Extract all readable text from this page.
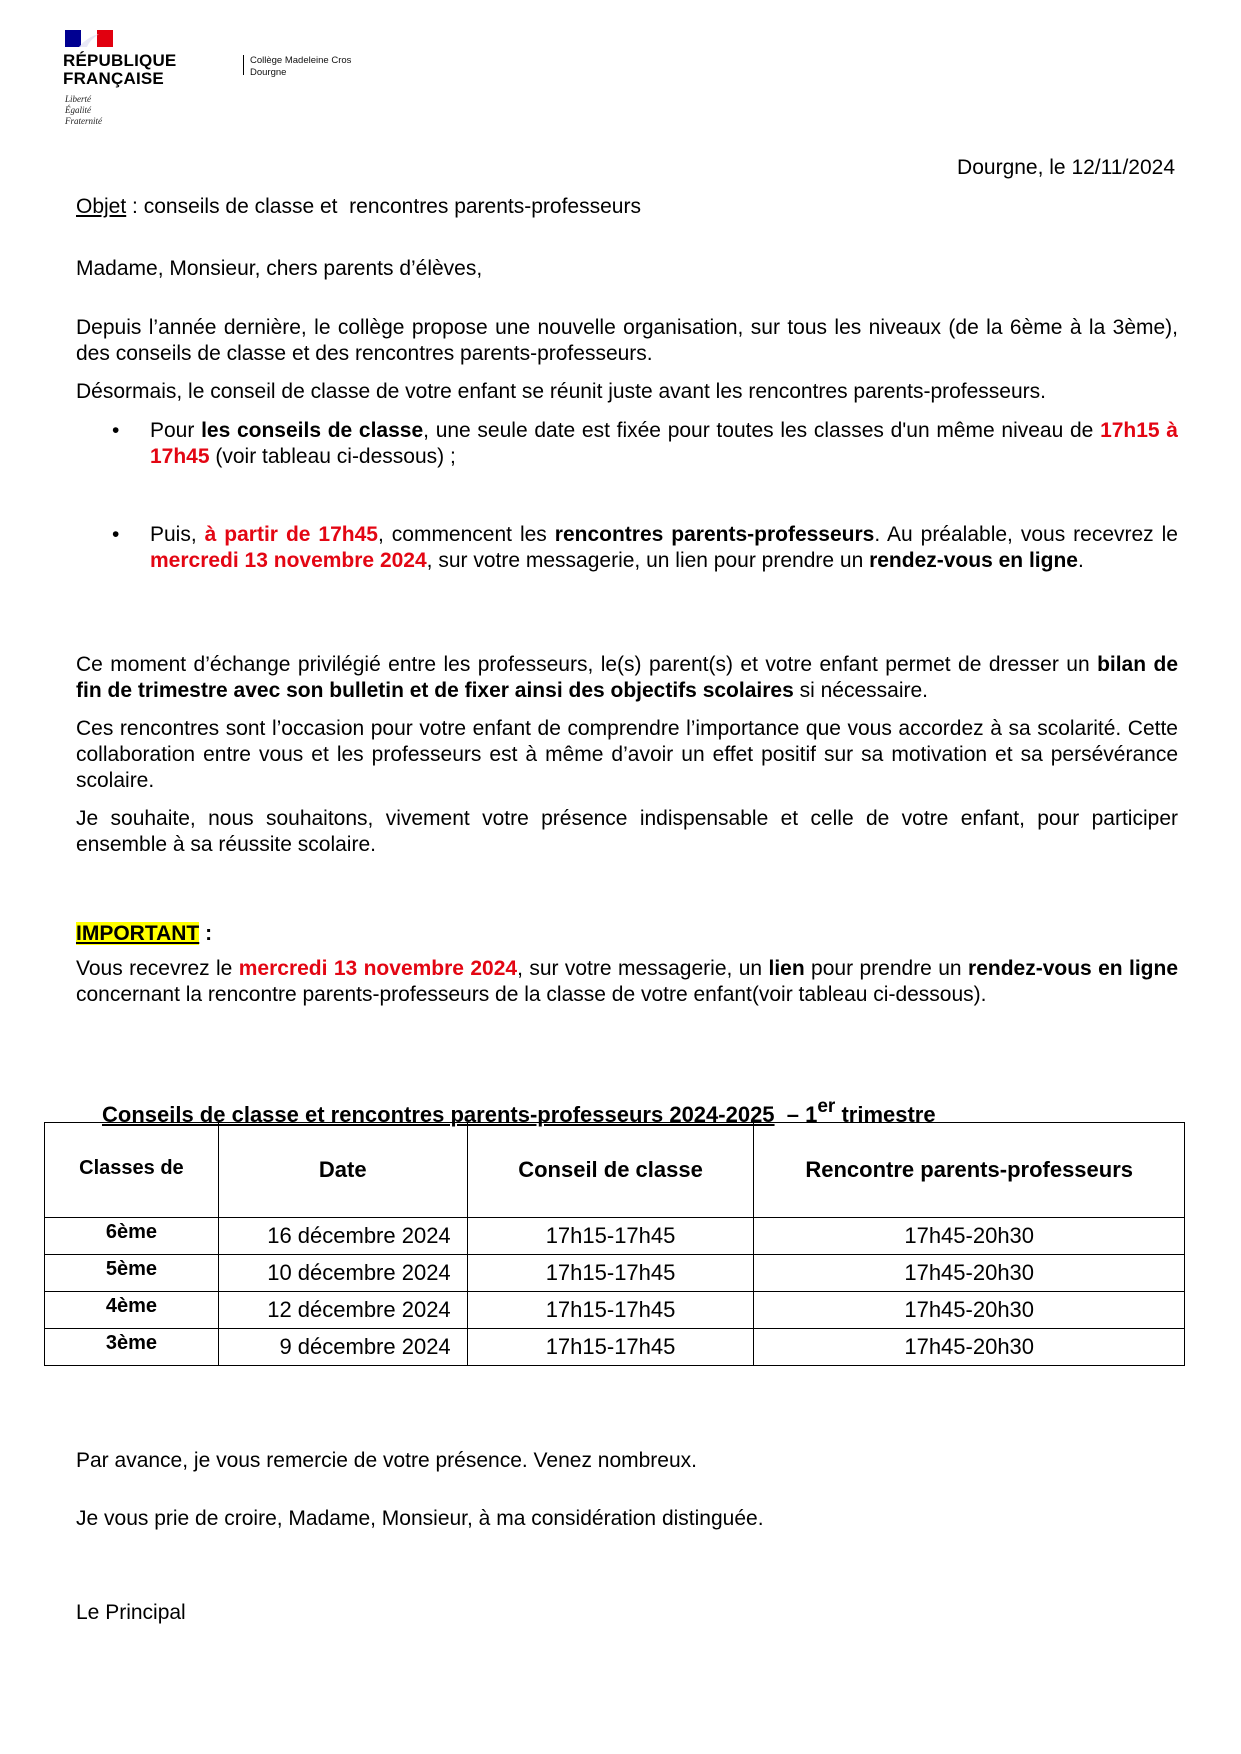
RÉPUBLIQUE
FRANÇAISE
Liberté
Égalité
Fraternité
Collège Madeleine Cros
Dourgne
Dourgne, le 12/11/2024
Objet : conseils de classe et  rencontres parents-professeurs
Madame, Monsieur, chers parents d’élèves,
Depuis l’année dernière, le collège propose une nouvelle organisation, sur tous les niveaux (de la 6ème à la 3ème), des conseils de classe et des rencontres parents-professeurs.
Désormais, le conseil de classe de votre enfant se réunit juste avant les rencontres parents-professeurs.
• Pour les conseils de classe, une seule date est fixée pour toutes les classes d'un même niveau de 17h15 à 17h45 (voir tableau ci-dessous) ;
• Puis, à partir de 17h45, commencent les rencontres parents-professeurs. Au préalable, vous recevrez le mercredi 13 novembre 2024, sur votre messagerie, un lien pour prendre un rendez-vous en ligne.
Ce moment d’échange privilégié entre les professeurs, le(s) parent(s) et votre enfant permet de dresser un bilan de fin de trimestre avec son bulletin et de fixer ainsi des objectifs scolaires si nécessaire.
Ces rencontres sont l’occasion pour votre enfant de comprendre l’importance que vous accordez à sa scolarité. Cette collaboration entre vous et les professeurs est à même d’avoir un effet positif sur sa motivation et sa persévérance scolaire.
Je souhaite, nous souhaitons, vivement votre présence indispensable et celle de votre enfant, pour participer ensemble à sa réussite scolaire.
IMPORTANT :
Vous recevrez le mercredi 13 novembre 2024, sur votre messagerie, un lien pour prendre un rendez-vous en ligne concernant la rencontre parents-professeurs de la classe de votre enfant(voir tableau ci-dessous).
Conseils de classe et rencontres parents-professeurs 2024-2025  – 1er trimestre
Classes de	Date	Conseil de classe	Rencontre parents-professeurs
6ème	16 décembre 2024	17h15-17h45	17h45-20h30
5ème	10 décembre 2024	17h15-17h45	17h45-20h30
4ème	12 décembre 2024	17h15-17h45	17h45-20h30
3ème	9 décembre 2024	17h15-17h45	17h45-20h30
Par avance, je vous remercie de votre présence. Venez nombreux.
Je vous prie de croire, Madame, Monsieur, à ma considération distinguée.
Le Principal
